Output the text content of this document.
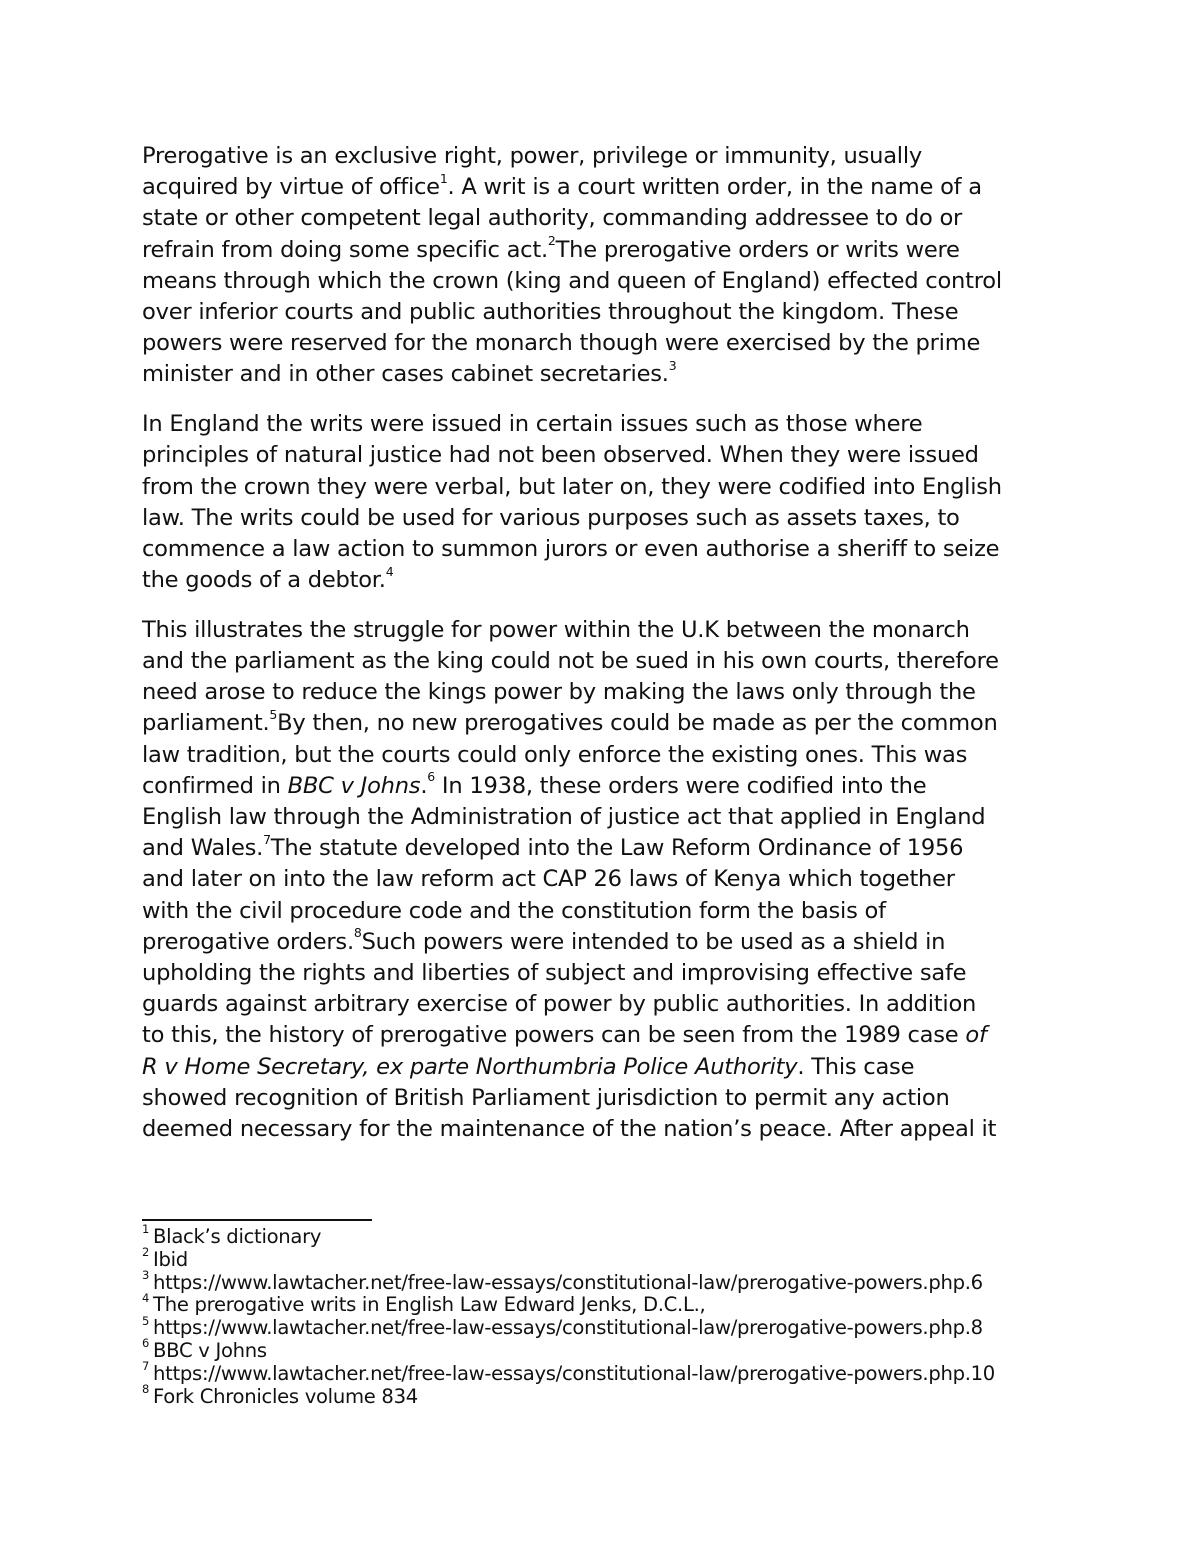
Prerogative is an exclusive right, power, privilege or immunity, usually
acquired by virtue of office$^1$. A writ is a court written order, in the name of a
state or other competent legal authority, commanding addressee to do or
refrain from doing some specific act.$^2$The prerogative orders or writs were
means through which the crown (king and queen of England) effected control
over inferior courts and public authorities throughout the kingdom. These
powers were reserved for the monarch though were exercised by the prime
minister and in other cases cabinet secretaries.$^3$

In England the writs were issued in certain issues such as those where
principles of natural justice had not been observed. When they were issued
from the crown they were verbal, but later on, they were codified into English
law. The writs could be used for various purposes such as assets taxes, to
commence a law action to summon jurors or even authorise a sheriff to seize
the goods of a debtor.$^4$

This illustrates the struggle for power within the U.K between the monarch
and the parliament as the king could not be sued in his own courts, therefore
need arose to reduce the kings power by making the laws only through the
parliament.$^5$By then, no new prerogatives could be made as per the common
law tradition, but the courts could only enforce the existing ones. This was
confirmed in BBC v Johns.$^6$ In 1938, these orders were codified into the
English law through the Administration of justice act that applied in England
and Wales.$^7$The statute developed into the Law Reform Ordinance of 1956
and later on into the law reform act CAP 26 laws of Kenya which together
with the civil procedure code and the constitution form the basis of
prerogative orders.$^8$Such powers were intended to be used as a shield in
upholding the rights and liberties of subject and improvising effective safe
guards against arbitrary exercise of power by public authorities. In addition
to this, the history of prerogative powers can be seen from the 1989 case of
R v Home Secretary, ex parte Northumbria Police Authority. This case
showed recognition of British Parliament jurisdiction to permit any action
deemed necessary for the maintenance of the nation’s peace. After appeal it

$^1$ Black’s dictionary
$^2$ Ibid
$^3$ https://www.lawtacher.net/free-law-essays/constitutional-law/prerogative-powers.php.6
$^4$ The prerogative writs in English Law Edward Jenks, D.C.L.,
$^5$ https://www.lawtacher.net/free-law-essays/constitutional-law/prerogative-powers.php.8
$^6$ BBC v Johns
$^7$ https://www.lawtacher.net/free-law-essays/constitutional-law/prerogative-powers.php.10
$^8$ Fork Chronicles volume 834
